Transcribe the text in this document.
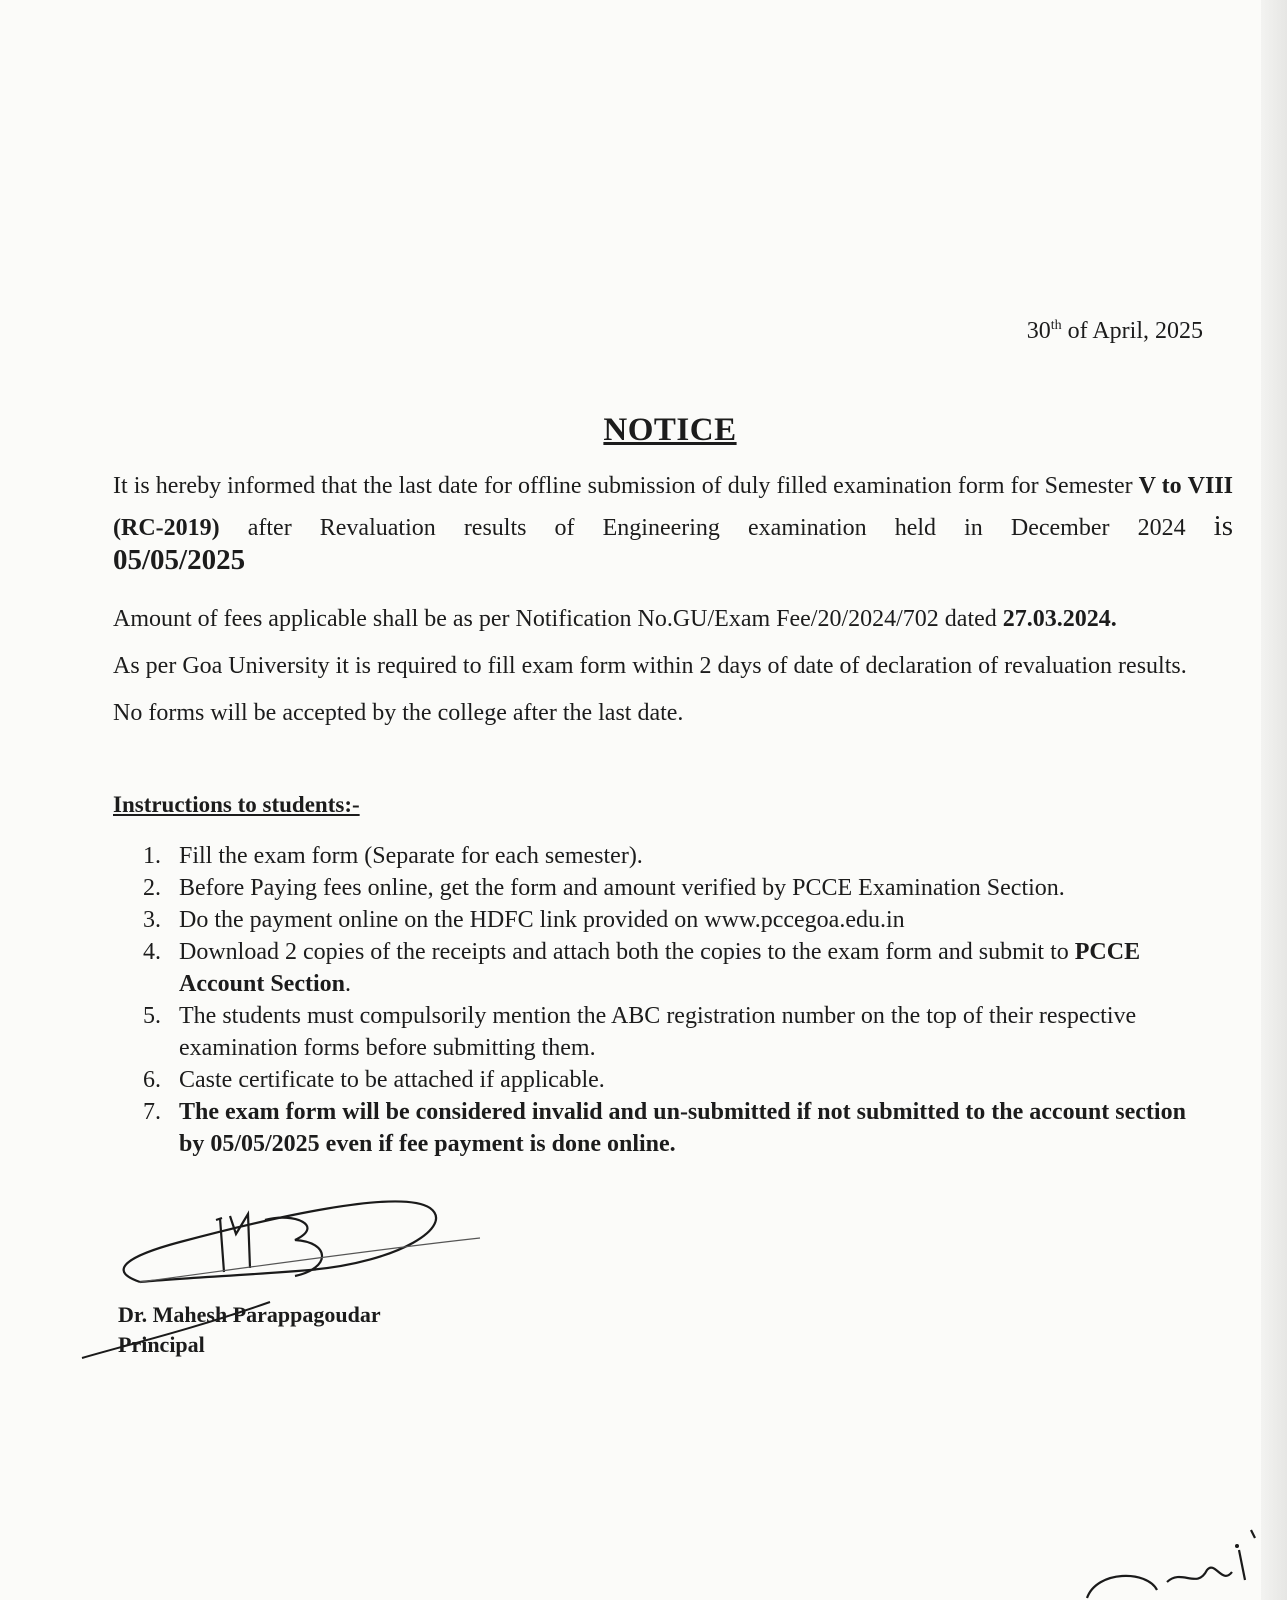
30th of April, 2025
NOTICE
It is hereby informed that the last date for offline submission of duly filled examination form for Semester V to VIII (RC-2019) after Revaluation results of Engineering examination held in December 2024 is
05/05/2025
Amount of fees applicable shall be as per Notification No.GU/Exam Fee/20/2024/702 dated 27.03.2024.
As per Goa University it is required to fill exam form within 2 days of date of declaration of revaluation results.
No forms will be accepted by the college after the last date.
Instructions to students:-
1. Fill the exam form (Separate for each semester).
2. Before Paying fees online, get the form and amount verified by PCCE Examination Section.
3. Do the payment online on the HDFC link provided on www.pccegoa.edu.in
4. Download 2 copies of the receipts and attach both the copies to the exam form and submit to PCCE Account Section.
5. The students must compulsorily mention the ABC registration number on the top of their respective examination forms before submitting them.
6. Caste certificate to be attached if applicable.
7. The exam form will be considered invalid and un-submitted if not submitted to the account section by 05/05/2025 even if fee payment is done online.
Dr. Mahesh Parappagoudar
Principal
